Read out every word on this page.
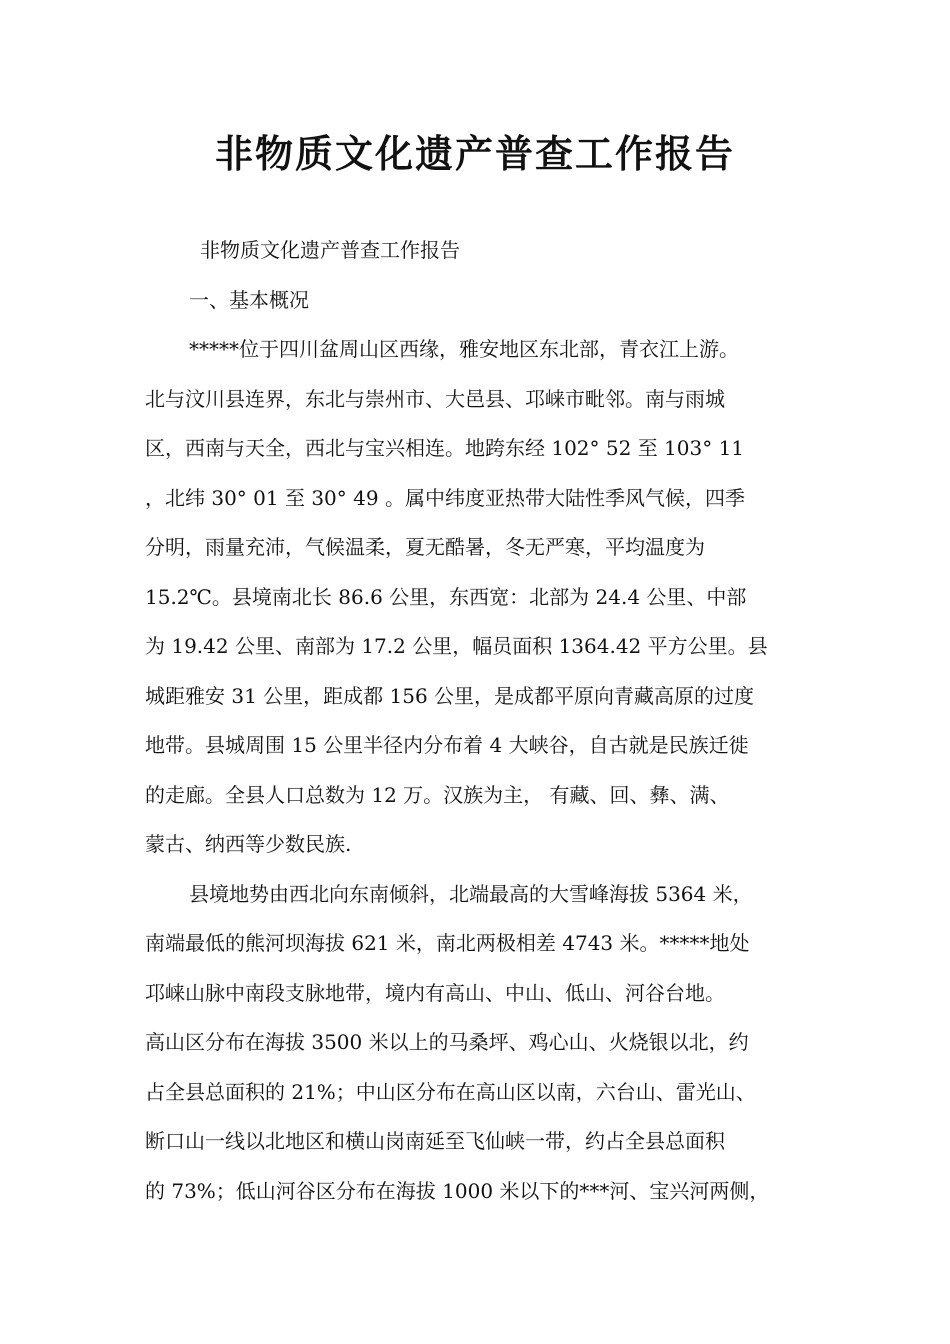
非物质文化遗产普查工作报告
非物质文化遗产普查工作报告
一、基本概况
*****位于四川盆周山区西缘，雅安地区东北部，青衣江上游。
北与汶川县连界，东北与崇州市、大邑县、邛崃市毗邻。南与雨城
区，西南与天全，西北与宝兴相连。地跨东经 102° 52 至 103° 11
，北纬 30° 01 至 30° 49 。属中纬度亚热带大陆性季风气候，四季
分明，雨量充沛，气候温柔，夏无酷暑，冬无严寒，平均温度为
15.2℃。县境南北长 86.6 公里，东西宽：北部为 24.4 公里、中部
为 19.42 公里、南部为 17.2 公里，幅员面积 1364.42 平方公里。县
城距雅安 31 公里，距成都 156 公里，是成都平原向青藏高原的过度
地带。县城周围 15 公里半径内分布着 4 大峡谷，自古就是民族迁徙
的走廊。全县人口总数为 12 万。汉族为主， 有藏、回、彝、满、
蒙古、纳西等少数民族.
县境地势由西北向东南倾斜，北端最高的大雪峰海拔 5364 米，
南端最低的熊河坝海拔 621 米，南北两极相差 4743 米。*****地处
邛崃山脉中南段支脉地带，境内有高山、中山、低山、河谷台地。
高山区分布在海拔 3500 米以上的马桑坪、鸡心山、火烧银以北，约
占全县总面积的 21%；中山区分布在高山区以南，六台山、雷光山、
断口山一线以北地区和横山岗南延至飞仙峡一带，约占全县总面积
的 73%；低山河谷区分布在海拔 1000 米以下的***河、宝兴河两侧，
